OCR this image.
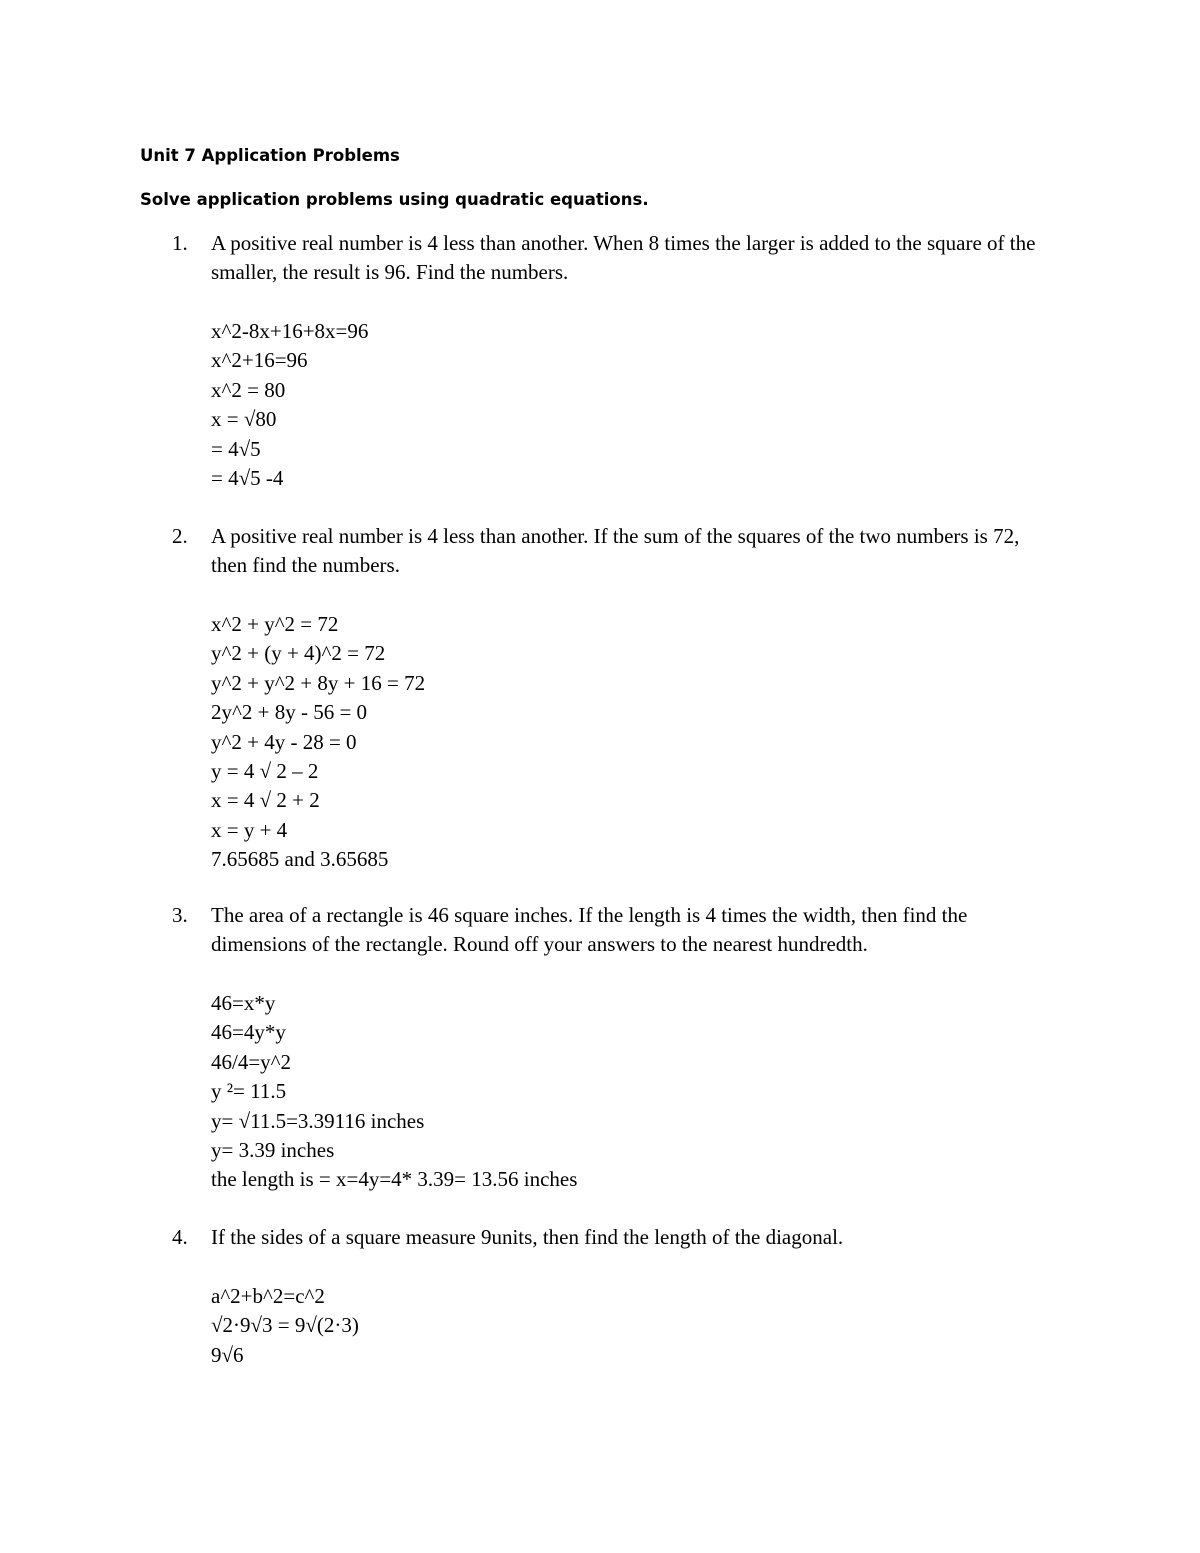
Unit 7 Application Problems
Solve application problems using quadratic equations.
1.	A positive real number is 4 less than another. When 8 times the larger is added to the square of the smaller, the result is 96. Find the numbers.
x^2-8x+16+8x=96
x^2+16=96
x^2 = 80
x = √80
= 4√5
= 4√5 -4
2.	A positive real number is 4 less than another. If the sum of the squares of the two numbers is 72, then find the numbers.
x^2 + y^2 = 72
y^2 + (y + 4)^2 = 72
y^2 + y^2 + 8y + 16 = 72
2y^2 + 8y - 56 = 0
y^2 + 4y - 28 = 0
y = 4 √ 2 – 2
x = 4 √ 2 + 2
x = y + 4
7.65685 and 3.65685
3.	The area of a rectangle is 46 square inches. If the length is 4 times the width, then find the dimensions of the rectangle. Round off your answers to the nearest hundredth.
46=x*y
46=4y*y
46/4=y^2
y ²= 11.5
y= √11.5=3.39116 inches
y= 3.39 inches
the length is = x=4y=4* 3.39= 13.56 inches
4.	If the sides of a square measure 9units, then find the length of the diagonal.
a^2+b^2=c^2
√2·9√3 = 9√(2·3)
9√6
